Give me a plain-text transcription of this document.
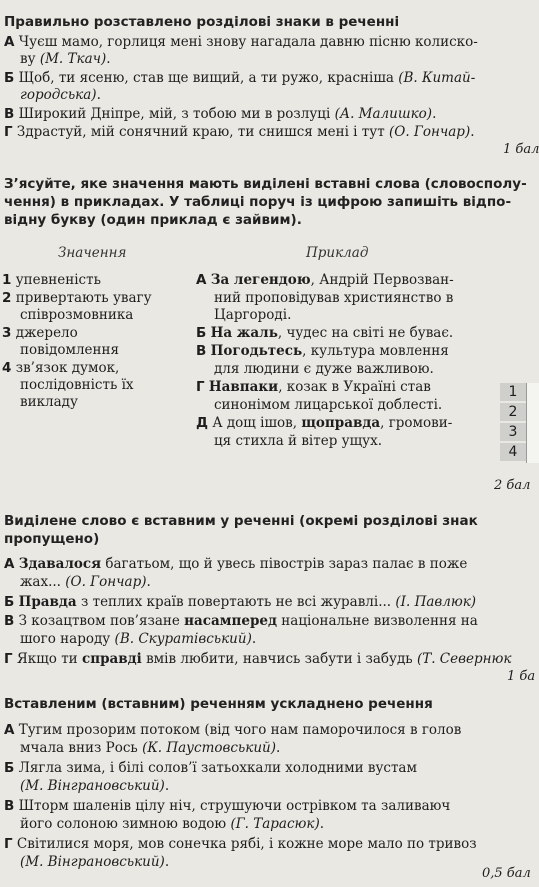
Правильно розставлено розділові знаки в реченні
А Чуєш мамо, горлиця мені знову нагадала давню пісню колиско-
ву (М. Ткач).
Б Щоб, ти ясеню, став ще вищий, а ти ружо, красніша (В. Китай-
городська).
В Широкий Дніпре, мій, з тобою ми в розлуці (А. Малишко).
Г Здрастуй, мій сонячний краю, ти снишся мені і тут (О. Гончар).
1 бал
З’ясуйте, яке значення мають виділені вставні слова (словосполу-
чення) в прикладах. У таблиці поруч із цифрою запишіть відпо-
відну букву (один приклад є зайвим).
Значення	Приклад
1 упевненість
2 привертають увагу
співрозмовника
3 джерело
повідомлення
4 зв’язок думок,
послідовність їх
викладу
А За легендою, Андрій Первозван-
ний проповідував християнство в
Царгороді.
Б На жаль, чудес на світі не буває.
В Погодьтесь, культура мовлення
для людини є дуже важливою.
Г Навпаки, козак в Україні став
синонімом лицарської доблесті.
Д А дощ ішов, щоправда, громови-
ця стихла й вітер ущух.
1
2
3
4
2 бал
Виділене слово є вставним у реченні (окремі розділові знак
пропущено)
А Здавалося багатьом, що й увесь півострів зараз палає в поже
жах... (О. Гончар).
Б Правда з теплих країв повертають не всі журавлі... (І. Павлюк)
В З козацтвом пов’язане насамперед національне визволення на
шого народу (В. Скуратівський).
Г Якщо ти справді вмів любити, навчись забути і забудь (Т. Севернюк
1 ба
Вставленим (вставним) реченням ускладнено речення
А Тугим прозорим потоком (від чого нам паморочилося в голов
мчала вниз Рось (К. Паустовський).
Б Лягла зима, і білі солов’ї затьохкали холодними вустам
(М. Вінграновський).
В Шторм шаленів цілу ніч, струшуючи острівком та заливаюч
його солоною зимною водою (Г. Тарасюк).
Г Світилися моря, мов сонечка рябі, і кожне море мало по тривоз
(М. Вінграновський).
0,5 бал
